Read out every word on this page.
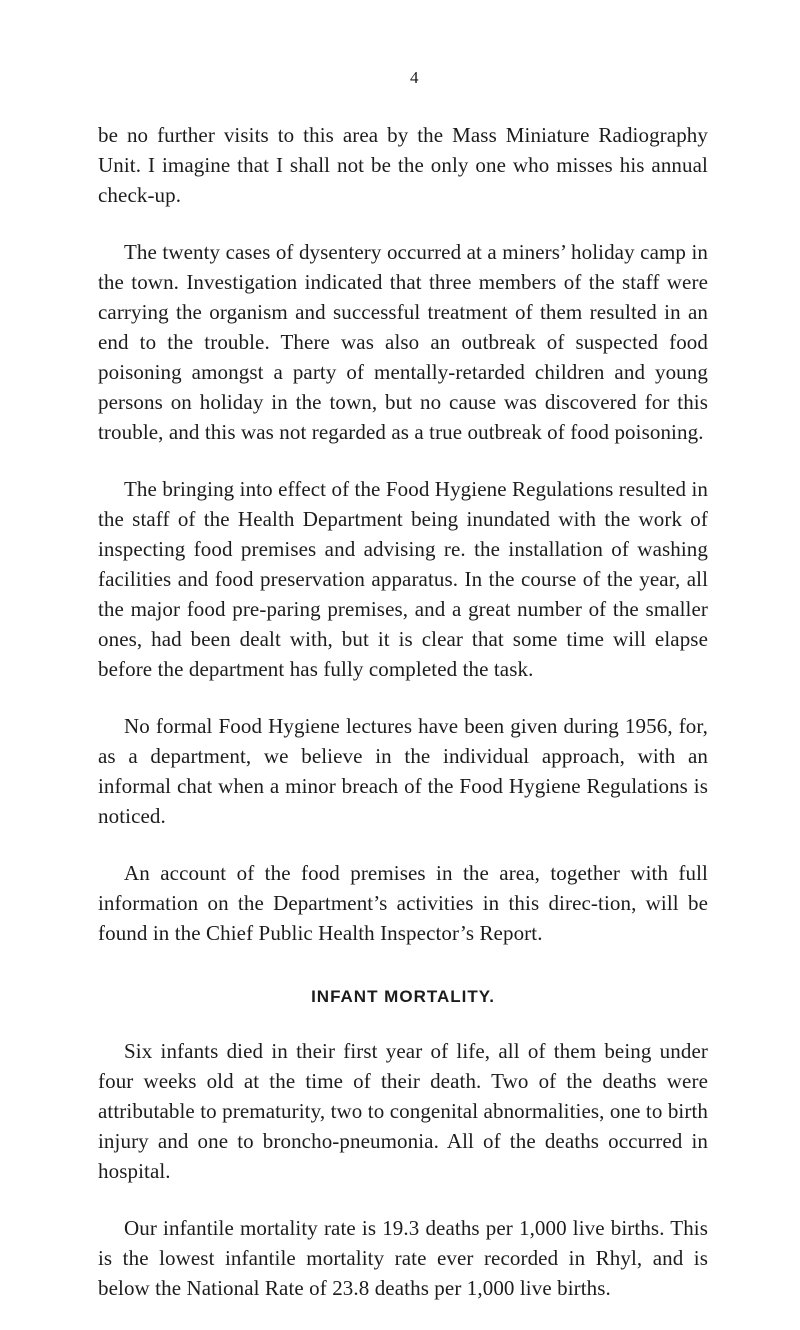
4

be no further visits to this area by the Mass Miniature Radiography Unit. I imagine that I shall not be the only one who misses his annual check-up.

The twenty cases of dysentery occurred at a miners’ holiday camp in the town. Investigation indicated that three members of the staff were carrying the organism and successful treatment of them resulted in an end to the trouble. There was also an outbreak of suspected food poisoning amongst a party of mentally-retarded children and young persons on holiday in the town, but no cause was discovered for this trouble, and this was not regarded as a true outbreak of food poisoning.

The bringing into effect of the Food Hygiene Regulations resulted in the staff of the Health Department being inundated with the work of inspecting food premises and advising re. the installation of washing facilities and food preservation apparatus. In the course of the year, all the major food pre-paring premises, and a great number of the smaller ones, had been dealt with, but it is clear that some time will elapse before the department has fully completed the task.

No formal Food Hygiene lectures have been given during 1956, for, as a department, we believe in the individual approach, with an informal chat when a minor breach of the Food Hygiene Regulations is noticed.

An account of the food premises in the area, together with full information on the Department’s activities in this direc-tion, will be found in the Chief Public Health Inspector’s Report.

INFANT MORTALITY.

Six infants died in their first year of life, all of them being under four weeks old at the time of their death. Two of the deaths were attributable to prematurity, two to congenital abnormalities, one to birth injury and one to broncho-pneumonia. All of the deaths occurred in hospital.

Our infantile mortality rate is 19.3 deaths per 1,000 live births. This is the lowest infantile mortality rate ever recorded in Rhyl, and is below the National Rate of 23.8 deaths per 1,000 live births.
